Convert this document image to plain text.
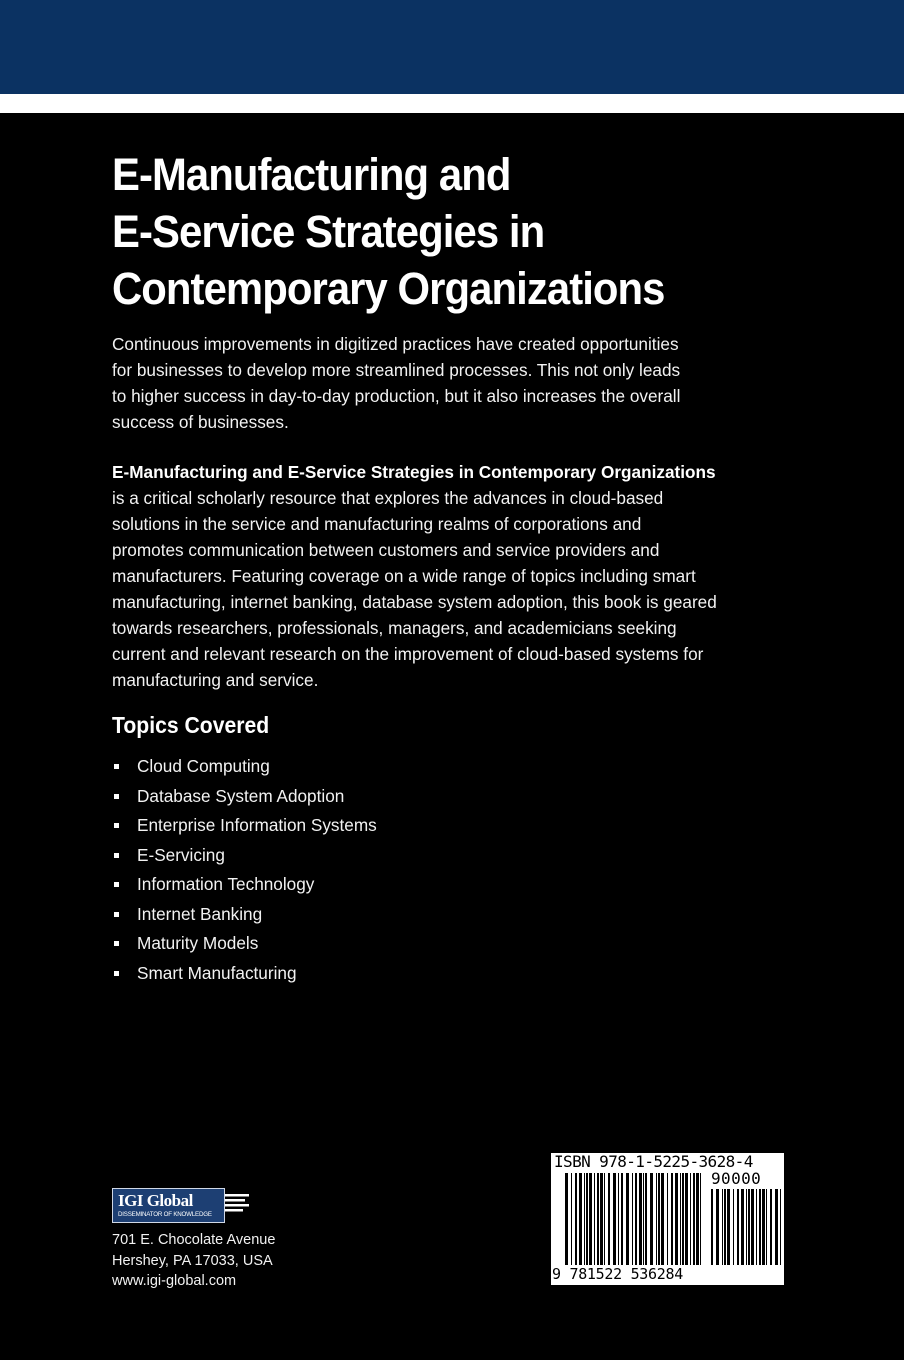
E-Manufacturing and
E-Service Strategies in
Contemporary Organizations

Continuous improvements in digitized practices have created opportunities
for businesses to develop more streamlined processes. This not only leads
to higher success in day-to-day production, but it also increases the overall
success of businesses.

E-Manufacturing and E-Service Strategies in Contemporary Organizations
is a critical scholarly resource that explores the advances in cloud-based
solutions in the service and manufacturing realms of corporations and
promotes communication between customers and service providers and
manufacturers. Featuring coverage on a wide range of topics including smart
manufacturing, internet banking, database system adoption, this book is geared
towards researchers, professionals, managers, and academicians seeking
current and relevant research on the improvement of cloud-based systems for
manufacturing and service.

Topics Covered
Cloud Computing
Database System Adoption
Enterprise Information Systems
E-Servicing
Information Technology
Internet Banking
Maturity Models
Smart Manufacturing
IGI Global
DISSEMINATOR OF KNOWLEDGE

701 E. Chocolate Avenue
Hershey, PA 17033, USA
www.igi-global.com

ISBN 978-1-5225-3628-4
90000
9 781522 536284
